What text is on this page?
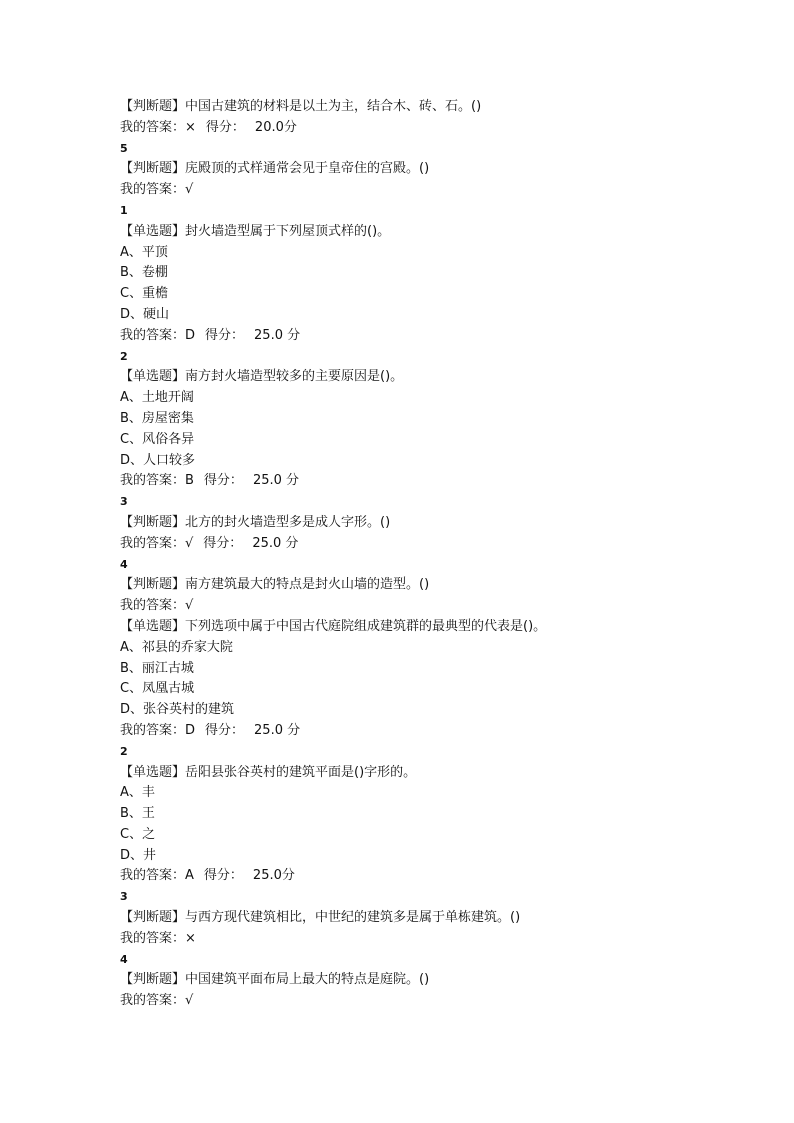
【判断题】中国古建筑的材料是以土为主，结合木、砖、石。()
我的答案：× 得分： 20.0分
5
【判断题】庑殿顶的式样通常会见于皇帝住的宫殿。()
我的答案：√
1
【单选题】封火墙造型属于下列屋顶式样的()。
A、平顶
B、卷棚
C、重檐
D、硬山
我的答案：D 得分： 25.0 分
2
【单选题】南方封火墙造型较多的主要原因是()。
A、土地开阔
B、房屋密集
C、风俗各异
D、人口较多
我的答案：B 得分： 25.0 分
3
【判断题】北方的封火墙造型多是成人字形。()
我的答案：√ 得分： 25.0 分
4
【判断题】南方建筑最大的特点是封火山墙的造型。()
我的答案：√
【单选题】下列选项中属于中国古代庭院组成建筑群的最典型的代表是()。
A、祁县的乔家大院
B、丽江古城
C、凤凰古城
D、张谷英村的建筑
我的答案：D 得分： 25.0 分
2
【单选题】岳阳县张谷英村的建筑平面是()字形的。
A、丰
B、王
C、之
D、井
我的答案：A 得分： 25.0分
3
【判断题】与西方现代建筑相比，中世纪的建筑多是属于单栋建筑。()
我的答案：×
4
【判断题】中国建筑平面布局上最大的特点是庭院。()
我的答案：√
